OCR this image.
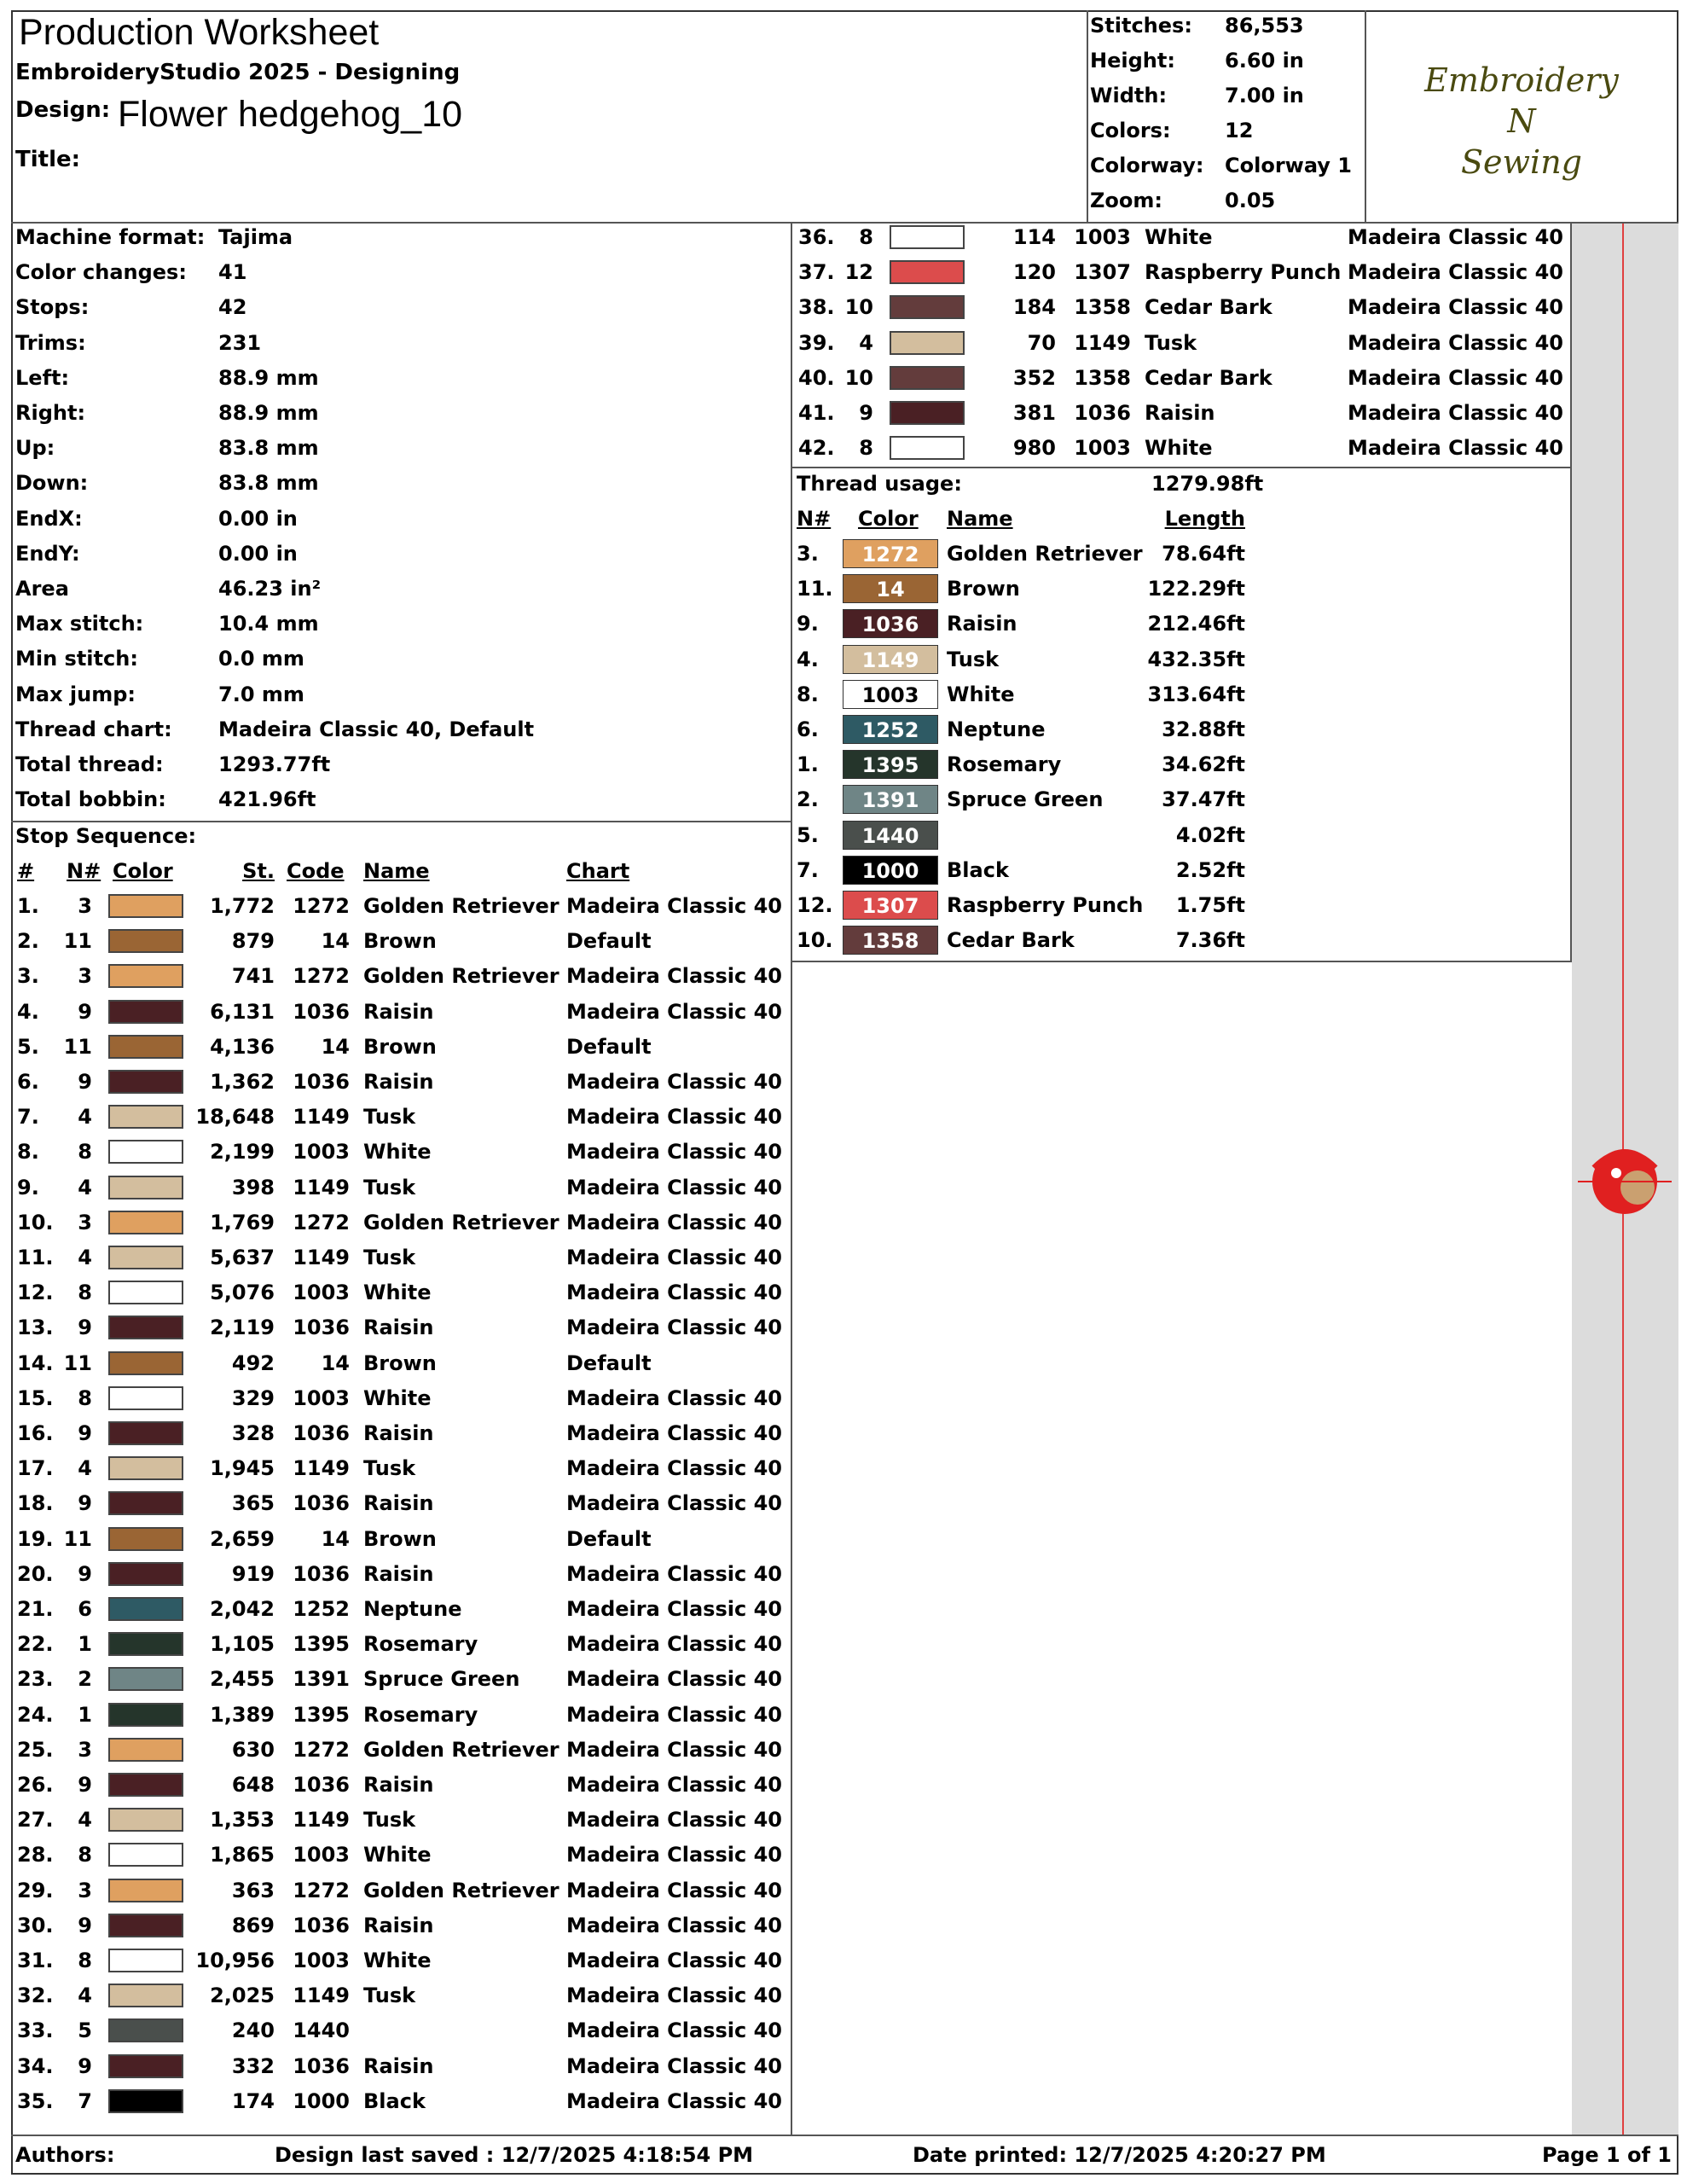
Production Worksheet
EmbroideryStudio 2025 - Designing
Design: Flower hedgehog_10
Title:
Stitches: 86,553
Height: 6.60 in
Width:	7.00 in
Colors:	12
Colorway: Colorway 1
Zoom:	0.05
Embroidery
N
Sewing
Machine format: Tajima
Color changes: 41
Stops:	42
Trims:	231
Left:	88.9 mm
Right:	88.9 mm
Up:	83.8 mm
Down:	83.8 mm
EndX:	0.00 in
EndY:	0.00 in
Area	46.23 in²
Max stitch:	10.4 mm
Min stitch:	0.0 mm
Max jump:	7.0 mm
Thread chart: Madeira Classic 40, Default
Total thread:	1293.77ft
Total bobbin:	421.96ft
Stop Sequence:
# N# Color	St. Code Name	Chart
1.	3	1,772 1272 Golden Retriever Madeira Classic 40
2.	11	879	14 Brown	Default
3.	3	741 1272 Golden Retriever Madeira Classic 40
4.	9	6,131 1036 Raisin	Madeira Classic 40
5.	11	4,136	14 Brown	Default
6.	9	1,362 1036 Raisin	Madeira Classic 40
7.	4	18,648 1149 Tusk	Madeira Classic 40
8.	8	2,199 1003 White	Madeira Classic 40
9.	4	398 1149 Tusk	Madeira Classic 40
10.	3	1,769 1272 Golden Retriever Madeira Classic 40
11.	4	5,637 1149 Tusk	Madeira Classic 40
12.	8	5,076 1003 White	Madeira Classic 40
13.	9	2,119 1036 Raisin	Madeira Classic 40
14. 11	492	14 Brown	Default
15.	8	329 1003 White	Madeira Classic 40
16.	9	328 1036 Raisin	Madeira Classic 40
17.	4	1,945 1149 Tusk	Madeira Classic 40
18.	9	365 1036 Raisin	Madeira Classic 40
19. 11	2,659	14 Brown	Default
20.	9	919 1036 Raisin	Madeira Classic 40
21.	6	2,042 1252 Neptune	Madeira Classic 40
22.	1	1,105 1395 Rosemary	Madeira Classic 40
23.	2	2,455 1391 Spruce Green Madeira Classic 40
24.	1	1,389 1395 Rosemary	Madeira Classic 40
25.	3	630 1272 Golden Retriever Madeira Classic 40
26.	9	648 1036 Raisin	Madeira Classic 40
27.	4	1,353 1149 Tusk	Madeira Classic 40
28.	8	1,865 1003 White	Madeira Classic 40
29.	3	363 1272 Golden Retriever Madeira Classic 40
30.	9	869 1036 Raisin	Madeira Classic 40
31.	8	10,956 1003 White	Madeira Classic 40
32.	4	2,025 1149 Tusk	Madeira Classic 40
33.	5	240 1440	Madeira Classic 40
34.	9	332 1036 Raisin	Madeira Classic 40
35.	7	174 1000 Black	Madeira Classic 40
36.	8	114 1003 White	Madeira Classic 40
37. 12	120 1307 Raspberry Punch Madeira Classic 40
38. 10	184 1358 Cedar Bark	Madeira Classic 40
39.	4	70 1149 Tusk	Madeira Classic 40
40. 10	352 1358 Cedar Bark	Madeira Classic 40
41.	9	381 1036 Raisin	Madeira Classic 40
42.	8	980 1003 White	Madeira Classic 40
Thread usage:	1279.98ft
N# Color Name	Length
3.	1272	Golden Retriever 78.64ft
11.	14	Brown	122.29ft
9.	1036	Raisin	212.46ft
4.	1149	Tusk	432.35ft
8.	1003	White	313.64ft
6.	1252	Neptune	32.88ft
1.	1395	Rosemary	34.62ft
2.	1391	Spruce Green	37.47ft
5.	1440	4.02ft
7.	1000	Black	2.52ft
12.	1307	Raspberry Punch	1.75ft
10.	1358	Cedar Bark	7.36ft
Authors:	Design last saved : 12/7/2025 4:18:54 PM	Date printed: 12/7/2025 4:20:27 PM	Page 1 of 1
